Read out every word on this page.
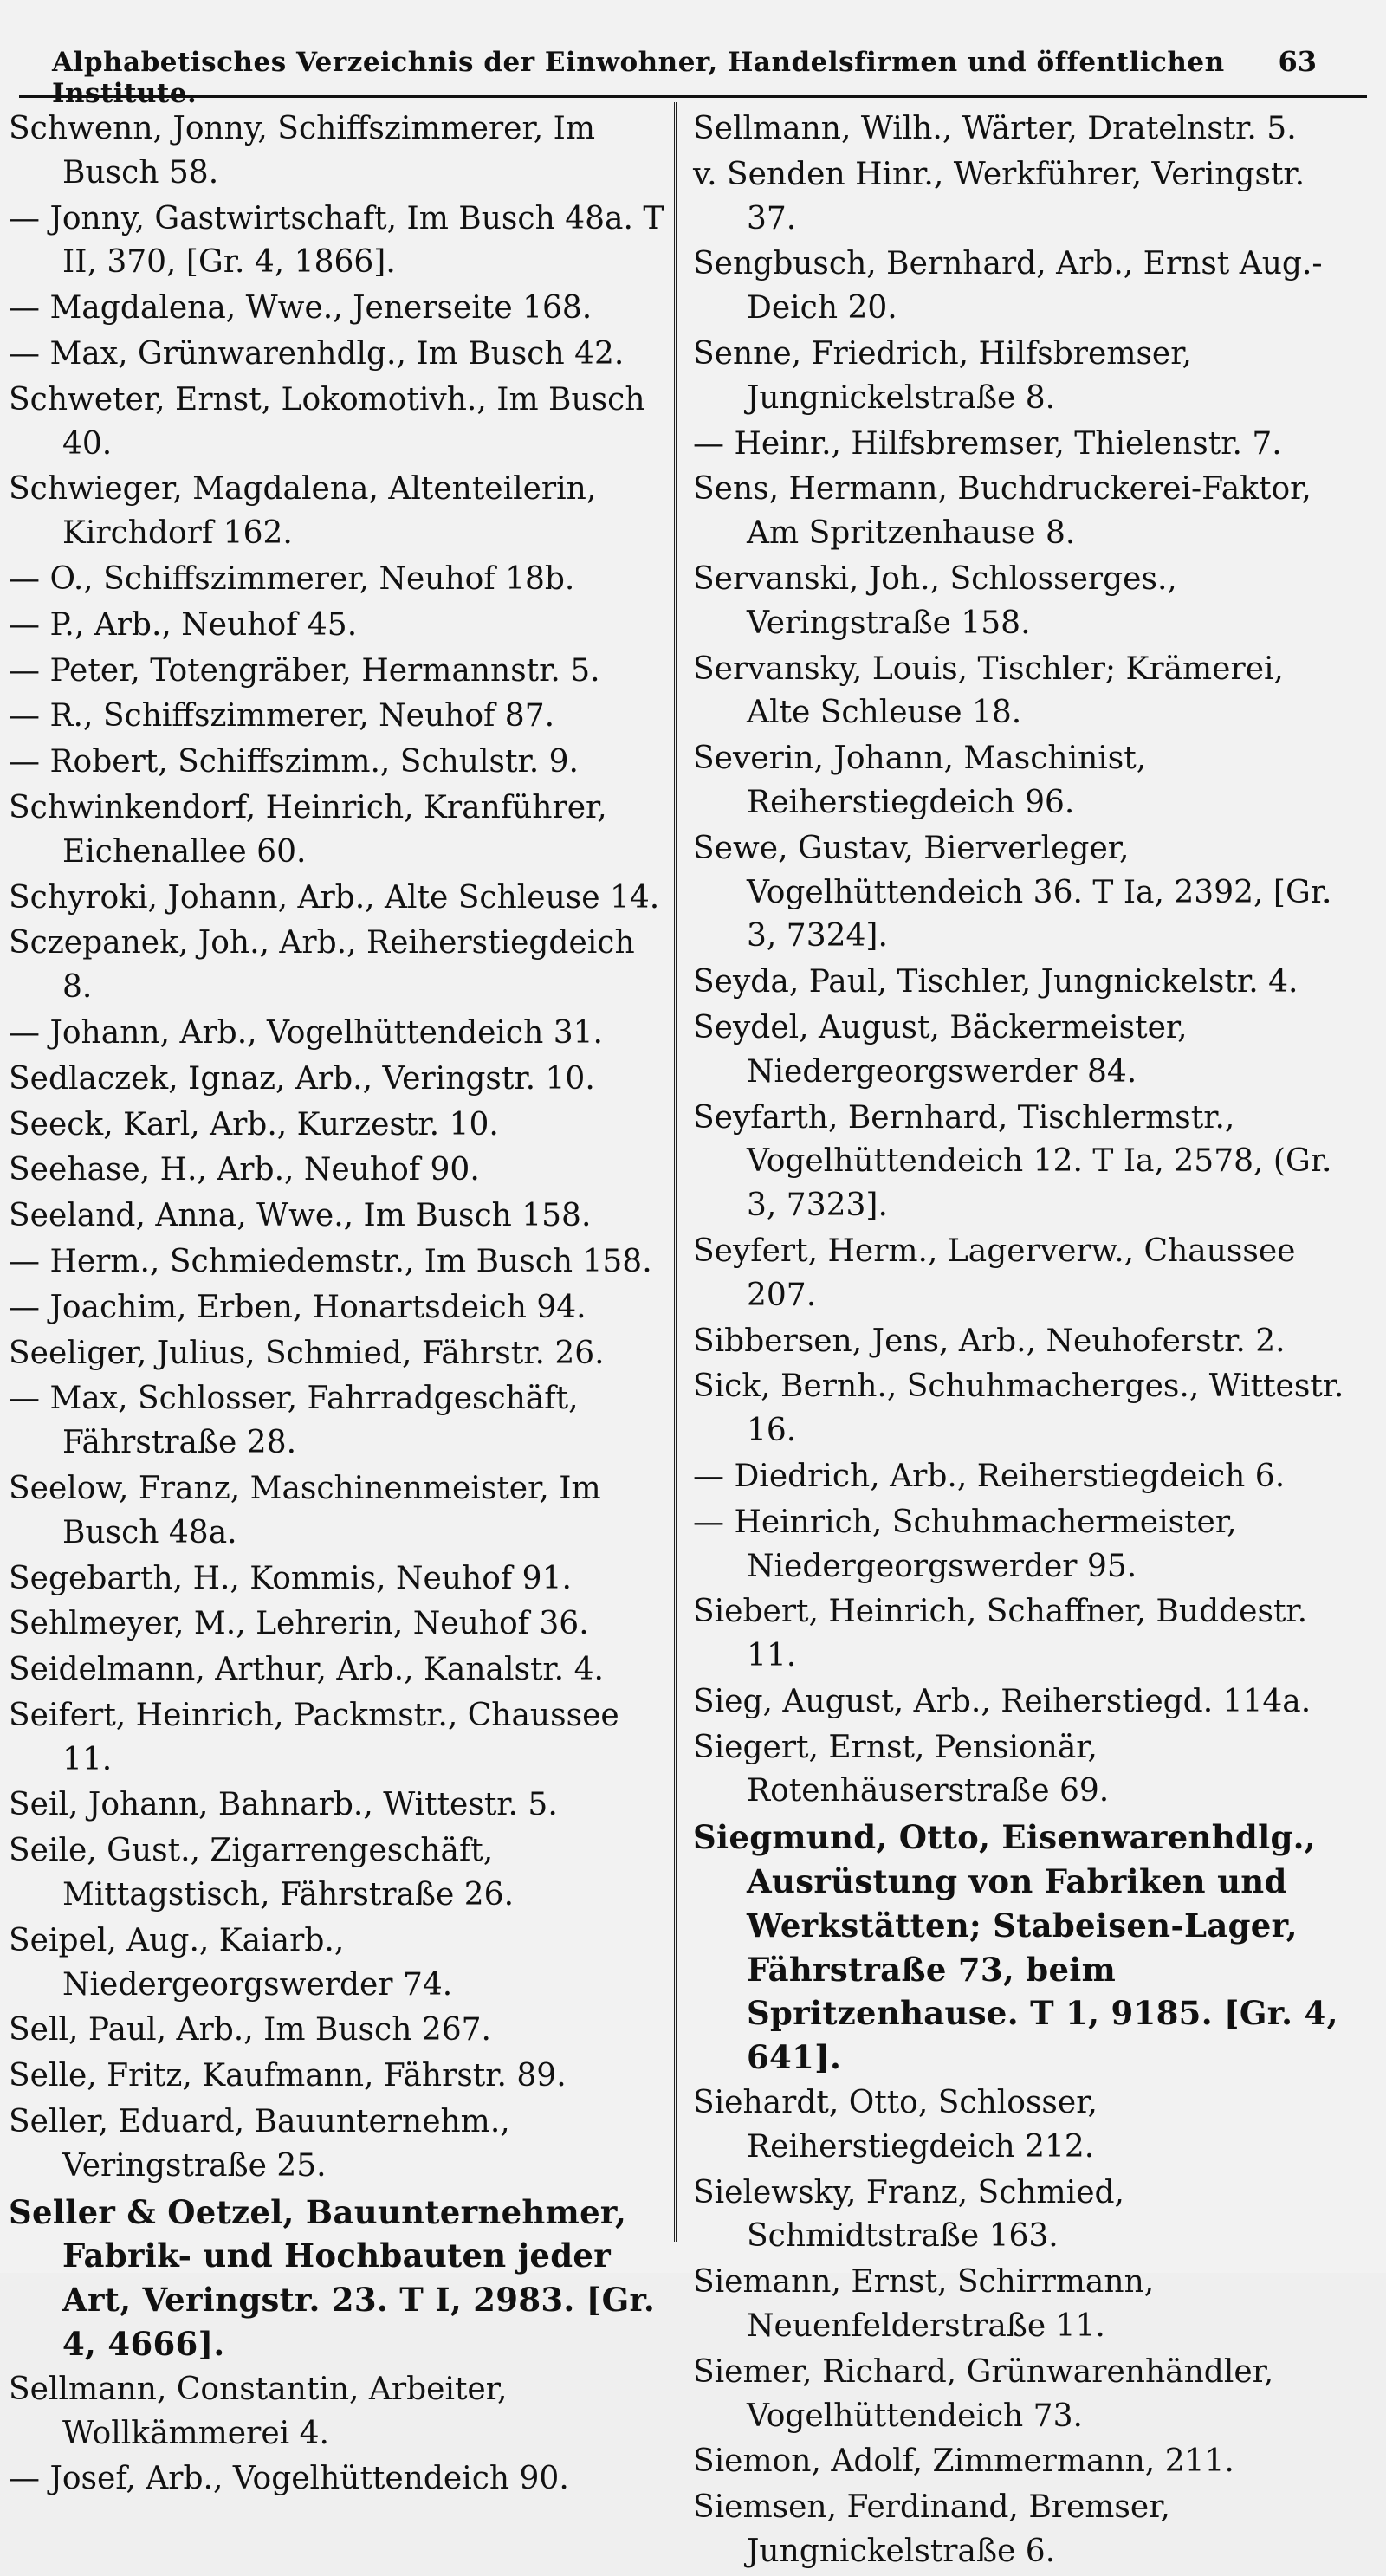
Alphabetisches Verzeichnis der Einwohner, Handelsfirmen und öffentlichen Institute.
63

Schwenn, Jonny, Schiffszimmerer, Im Busch 58.

— Jonny, Gastwirtschaft, Im Busch 48a. T II, 370, [Gr. 4, 1866].

— Magdalena, Wwe., Jenerseite 168.

— Max, Grünwarenhdlg., Im Busch 42.

Schweter, Ernst, Lokomotivh., Im Busch 40.

Schwieger, Magdalena, Altenteilerin, Kirchdorf 162.

— O., Schiffszimmerer, Neuhof 18b.

— P., Arb., Neuhof 45.

— Peter, Totengräber, Hermannstr. 5.

— R., Schiffszimmerer, Neuhof 87.

— Robert, Schiffszimm., Schulstr. 9.

Schwinkendorf, Heinrich, Kranführer, Eichenallee 60.

Schyroki, Johann, Arb., Alte Schleuse 14.

Sczepanek, Joh., Arb., Reiherstiegdeich 8.

— Johann, Arb., Vogelhüttendeich 31.

Sedlaczek, Ignaz, Arb., Veringstr. 10.

Seeck, Karl, Arb., Kurzestr. 10.

Seehase, H., Arb., Neuhof 90.

Seeland, Anna, Wwe., Im Busch 158.

— Herm., Schmiedemstr., Im Busch 158.

— Joachim, Erben, Honartsdeich 94.

Seeliger, Julius, Schmied, Fährstr. 26.

— Max, Schlosser, Fahrradgeschäft, Fährstraße 28.

Seelow, Franz, Maschinenmeister, Im Busch 48a.

Segebarth, H., Kommis, Neuhof 91.

Sehlmeyer, M., Lehrerin, Neuhof 36.

Seidelmann, Arthur, Arb., Kanalstr. 4.

Seifert, Heinrich, Packmstr., Chaussee 11.

Seil, Johann, Bahnarb., Wittestr. 5.

Seile, Gust., Zigarrengeschäft, Mittagstisch, Fährstraße 26.

Seipel, Aug., Kaiarb., Niedergeorgswerder 74.

Sell, Paul, Arb., Im Busch 267.

Selle, Fritz, Kaufmann, Fährstr. 89.

Seller, Eduard, Bauunternehm., Veringstraße 25.

Seller & Oetzel, Bauunternehmer, Fabrik- und Hochbauten jeder Art, Veringstr. 23. T I, 2983. [Gr. 4, 4666].

Sellmann, Constantin, Arbeiter, Wollkämmerei 4.

— Josef, Arb., Vogelhüttendeich 90.

Sellmann, Wilh., Wärter, Dratelnstr. 5.

v. Senden Hinr., Werkführer, Veringstr. 37.

Sengbusch, Bernhard, Arb., Ernst Aug.-Deich 20.

Senne, Friedrich, Hilfsbremser, Jungnickelstraße 8.

— Heinr., Hilfsbremser, Thielenstr. 7.

Sens, Hermann, Buchdruckerei-Faktor, Am Spritzenhause 8.

Servanski, Joh., Schlosserges., Veringstraße 158.

Servansky, Louis, Tischler; Krämerei, Alte Schleuse 18.

Severin, Johann, Maschinist, Reiherstiegdeich 96.

Sewe, Gustav, Bierverleger, Vogelhüttendeich 36. T Ia, 2392, [Gr. 3, 7324].

Seyda, Paul, Tischler, Jungnickelstr. 4.

Seydel, August, Bäckermeister, Niedergeorgswerder 84.

Seyfarth, Bernhard, Tischlermstr., Vogelhüttendeich 12. T Ia, 2578, (Gr. 3, 7323].

Seyfert, Herm., Lagerverw., Chaussee 207.

Sibbersen, Jens, Arb., Neuhoferstr. 2.

Sick, Bernh., Schuhmacherges., Wittestr. 16.

— Diedrich, Arb., Reiherstiegdeich 6.

— Heinrich, Schuhmachermeister, Niedergeorgswerder 95.

Siebert, Heinrich, Schaffner, Buddestr. 11.

Sieg, August, Arb., Reiherstiegd. 114a.

Siegert, Ernst, Pensionär, Rotenhäuserstraße 69.

Siegmund, Otto, Eisenwarenhdlg., Ausrüstung von Fabriken und Werkstätten; Stabeisen-Lager, Fährstraße 73, beim Spritzenhause. T 1, 9185. [Gr. 4, 641].

Siehardt, Otto, Schlosser, Reiherstiegdeich 212.

Sielewsky, Franz, Schmied, Schmidtstraße 163.

Siemann, Ernst, Schirrmann, Neuenfelderstraße 11.

Siemer, Richard, Grünwarenhändler, Vogelhüttendeich 73.

Siemon, Adolf, Zimmermann, 211.

Siemsen, Ferdinand, Bremser, Jungnickelstraße 6.
